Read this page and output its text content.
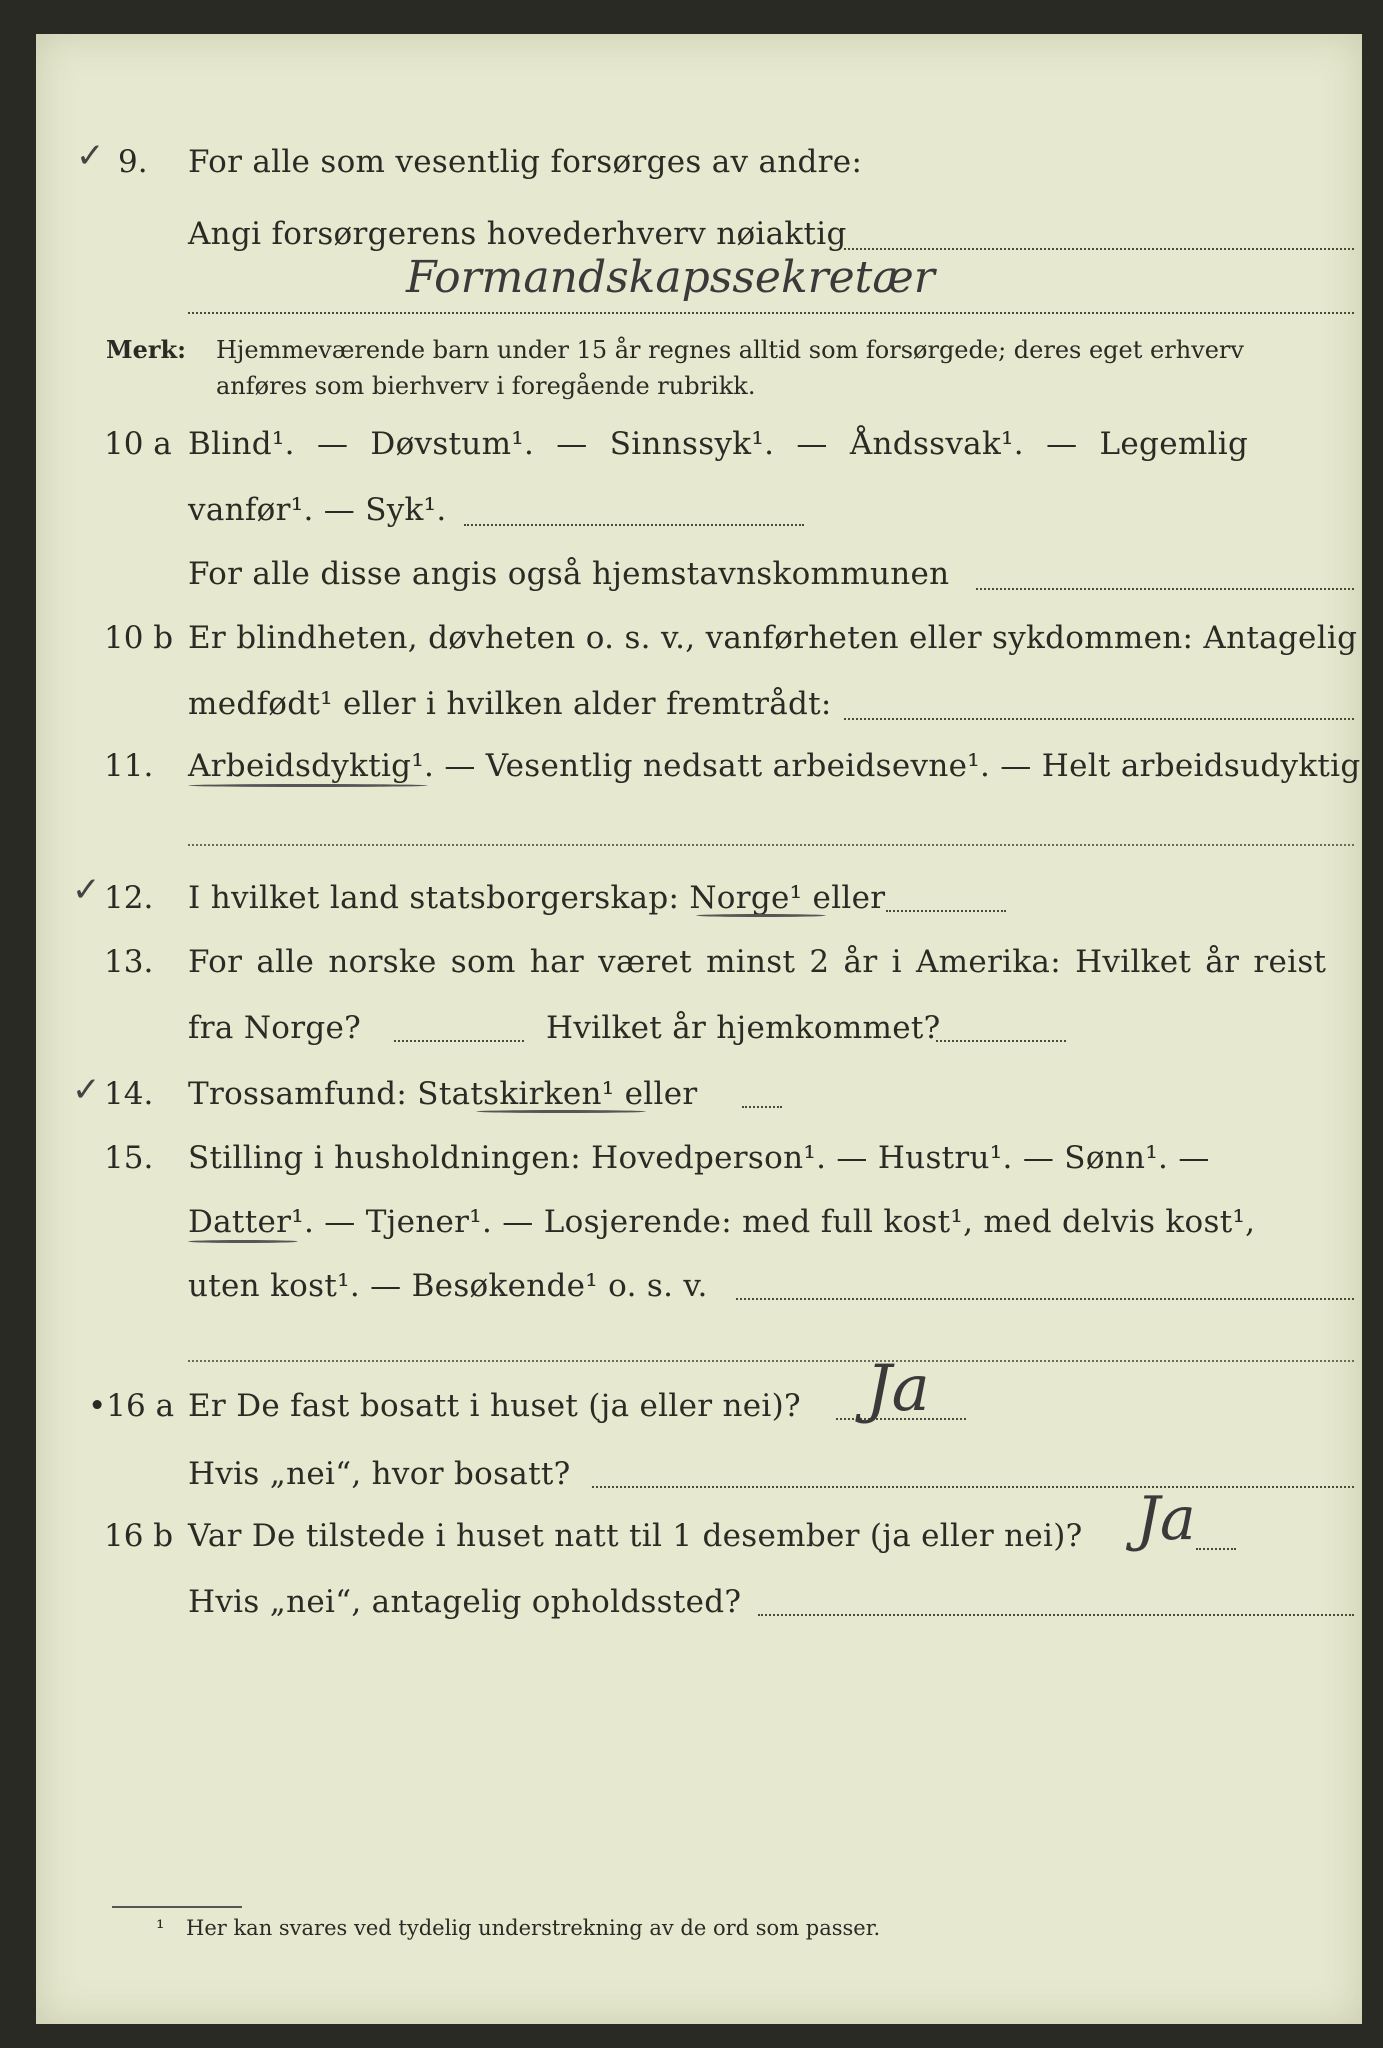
✓ 9. For alle som vesentlig forsørges av andre:
Angi forsørgerens hovederhverv nøiaktig
Formandskapssekretær
Merk: Hjemmeværende barn under 15 år regnes alltid som forsørgede; deres eget erhverv
anføres som bierhverv i foregående rubrikk.
10 a Blind¹. — Døvstum¹. — Sinnssyk¹. — Åndssvak¹. — Legemlig
vanfør¹. — Syk¹.
For alle disse angis også hjemstavnskommunen
10 b Er blindheten, døvheten o. s. v., vanførheten eller sykdommen: Antagelig
medfødt¹ eller i hvilken alder fremtrådt:
11. Arbeidsdyktig¹. — Vesentlig nedsatt arbeidsevne¹. — Helt arbeidsudyktig¹.
✓ 12. I hvilket land statsborgerskap: Norge¹ eller
13. For alle norske som har været minst 2 år i Amerika: Hvilket år reist
fra Norge?	Hvilket år hjemkommet?
✓ 14. Trossamfund: Statskirken¹ eller
15. Stilling i husholdningen: Hovedperson¹. — Hustru¹. — Sønn¹. —
Datter¹. — Tjener¹. — Losjerende: med full kost¹, med delvis kost¹,
uten kost¹. — Besøkende¹ o. s. v.
•16 a Er De fast bosatt i huset (ja eller nei)? Ja
Hvis „nei“, hvor bosatt?
16 b Var De tilstede i huset natt til 1 desember (ja eller nei)? Ja
Hvis „nei“, antagelig opholdssted?
¹ Her kan svares ved tydelig understrekning av de ord som passer.
